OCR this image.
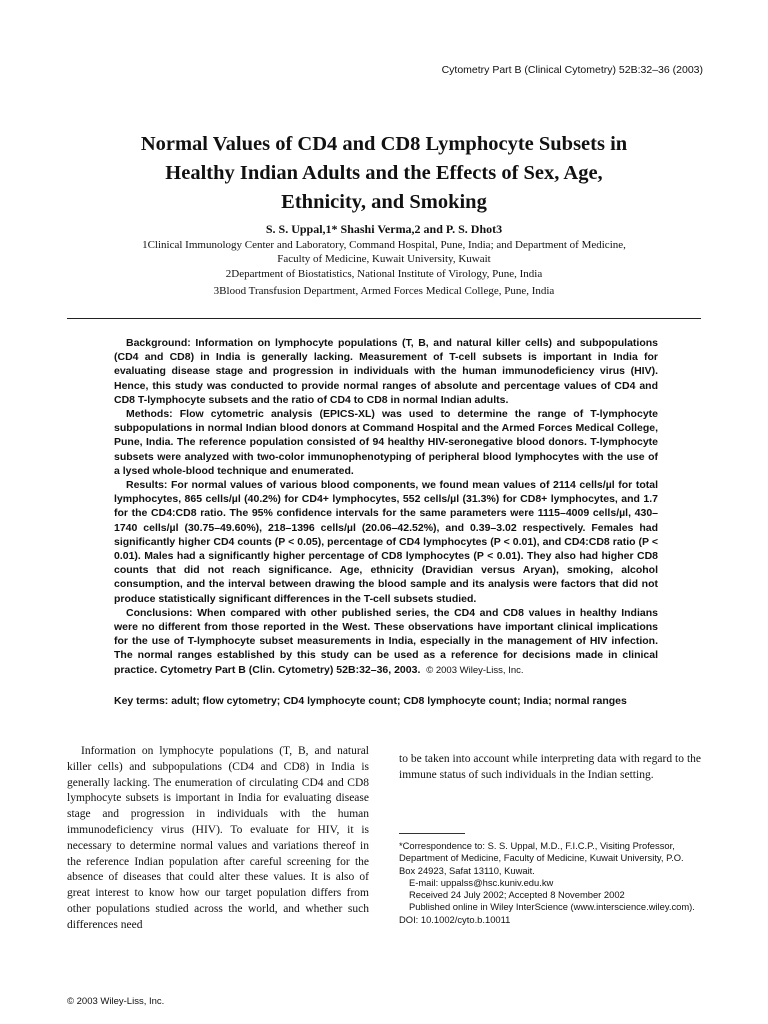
Cytometry Part B (Clinical Cytometry) 52B:32–36 (2003)
Normal Values of CD4 and CD8 Lymphocyte Subsets in
Healthy Indian Adults and the Effects of Sex, Age,
Ethnicity, and Smoking
S. S. Uppal,1* Shashi Verma,2 and P. S. Dhot3
1Clinical Immunology Center and Laboratory, Command Hospital, Pune, India; and Department of Medicine,
Faculty of Medicine, Kuwait University, Kuwait
2Department of Biostatistics, National Institute of Virology, Pune, India
3Blood Transfusion Department, Armed Forces Medical College, Pune, India

Background: Information on lymphocyte populations (T, B, and natural killer cells) and subpopulations (CD4 and CD8) in India is generally lacking. Measurement of T-cell subsets is important in India for evaluating disease stage and progression in individuals with the human immunodeficiency virus (HIV). Hence, this study was conducted to provide normal ranges of absolute and percentage values of CD4 and CD8 T-lymphocyte subsets and the ratio of CD4 to CD8 in normal Indian adults.

Methods: Flow cytometric analysis (EPICS-XL) was used to determine the range of T-lymphocyte subpopulations in normal Indian blood donors at Command Hospital and the Armed Forces Medical College, Pune, India. The reference population consisted of 94 healthy HIV-seronegative blood donors. T-lymphocyte subsets were analyzed with two-color immunophenotyping of peripheral blood lymphocytes with the use of a lysed whole-blood technique and enumerated.

Results: For normal values of various blood components, we found mean values of 2114 cells/µl for total lymphocytes, 865 cells/µl (40.2%) for CD4+ lymphocytes, 552 cells/µl (31.3%) for CD8+ lymphocytes, and 1.7 for the CD4:CD8 ratio. The 95% confidence intervals for the same parameters were 1115–4009 cells/µl, 430–1740 cells/µl (30.75–49.60%), 218–1396 cells/µl (20.06–42.52%), and 0.39–3.02 respectively. Females had significantly higher CD4 counts (P < 0.05), percentage of CD4 lymphocytes (P < 0.01), and CD4:CD8 ratio (P < 0.01). Males had a significantly higher percentage of CD8 lymphocytes (P < 0.01). They also had higher CD8 counts that did not reach significance. Age, ethnicity (Dravidian versus Aryan), smoking, alcohol consumption, and the interval between drawing the blood sample and its analysis were factors that did not produce statistically significant differences in the T-cell subsets studied.

Conclusions: When compared with other published series, the CD4 and CD8 values in healthy Indians were no different from those reported in the West. These observations have important clinical implications for the use of T-lymphocyte subset measurements in India, especially in the management of HIV infection. The normal ranges established by this study can be used as a reference for decisions made in clinical practice. Cytometry Part B (Clin. Cytometry) 52B:32–36, 2003. © 2003 Wiley-Liss, Inc.

Key terms: adult; flow cytometry; CD4 lymphocyte count; CD8 lymphocyte count; India; normal ranges

Information on lymphocyte populations (T, B, and natural killer cells) and subpopulations (CD4 and CD8) in India is generally lacking. The enumeration of circulating CD4 and CD8 lymphocyte subsets is important in India for evaluating disease stage and progression in individuals with the human immunodeficiency virus (HIV). To evaluate for HIV, it is necessary to determine normal values and variations thereof in the reference Indian population after careful screening for the absence of diseases that could alter these values. It is also of great interest to know how our target population differs from other populations studied across the world, and whether such differences need

to be taken into account while interpreting data with regard to the immune status of such individuals in the Indian setting.

*Correspondence to: S. S. Uppal, M.D., F.I.C.P., Visiting Professor,
Department of Medicine, Faculty of Medicine, Kuwait University, P.O.
Box 24923, Safat 13110, Kuwait.
E-mail: uppalss@hsc.kuniv.edu.kw
Received 24 July 2002; Accepted 8 November 2002
Published online in Wiley InterScience (www.interscience.wiley.com).
DOI: 10.1002/cyto.b.10011
© 2003 Wiley-Liss, Inc.
